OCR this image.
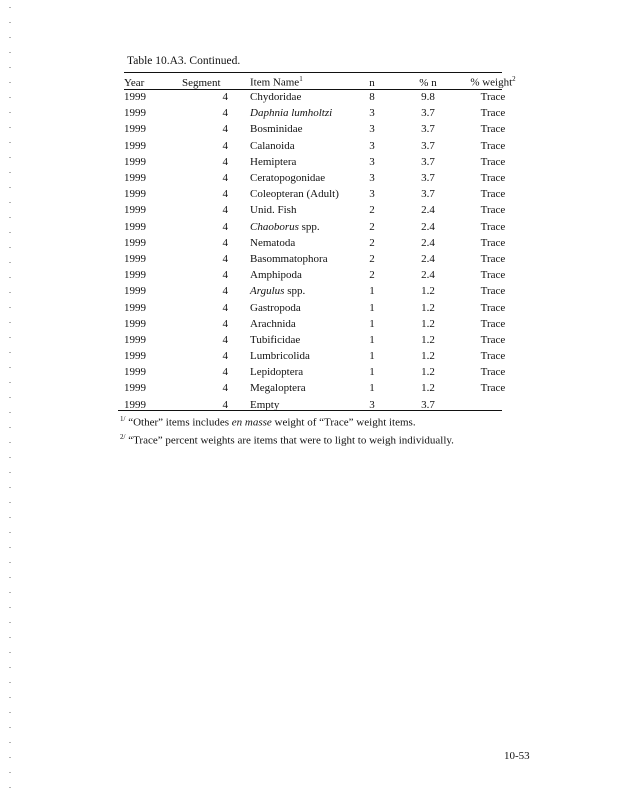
Table 10.A3. Continued.
Year	Segment		Item Name$^1$	n		% n		% weight$^2$
1999	4		Chydoridae	8		9.8		Trace
1999	4		Daphnia lumholtzi	3		3.7		Trace
1999	4		Bosminidae	3		3.7		Trace
1999	4		Calanoida	3		3.7		Trace
1999	4		Hemiptera	3		3.7		Trace
1999	4		Ceratopogonidae	3		3.7		Trace
1999	4		Coleopteran (Adult)	3		3.7		Trace
1999	4		Unid. Fish	2		2.4		Trace
1999	4		Chaoborus spp.	2		2.4		Trace
1999	4		Nematoda	2		2.4		Trace
1999	4		Basommatophora	2		2.4		Trace
1999	4		Amphipoda	2		2.4		Trace
1999	4		Argulus spp.	1		1.2		Trace
1999	4		Gastropoda	1		1.2		Trace
1999	4		Arachnida	1		1.2		Trace
1999	4		Tubificidae	1		1.2		Trace
1999	4		Lumbricolida	1		1.2		Trace
1999	4		Lepidoptera	1		1.2		Trace
1999	4		Megaloptera	1		1.2		Trace
1999	4		Empty	3		3.7		
$^{1/}$ “Other” items includes en masse weight of “Trace” weight items.
$^{2/}$ “Trace” percent weights are items that were to light to weigh individually.
10-53
